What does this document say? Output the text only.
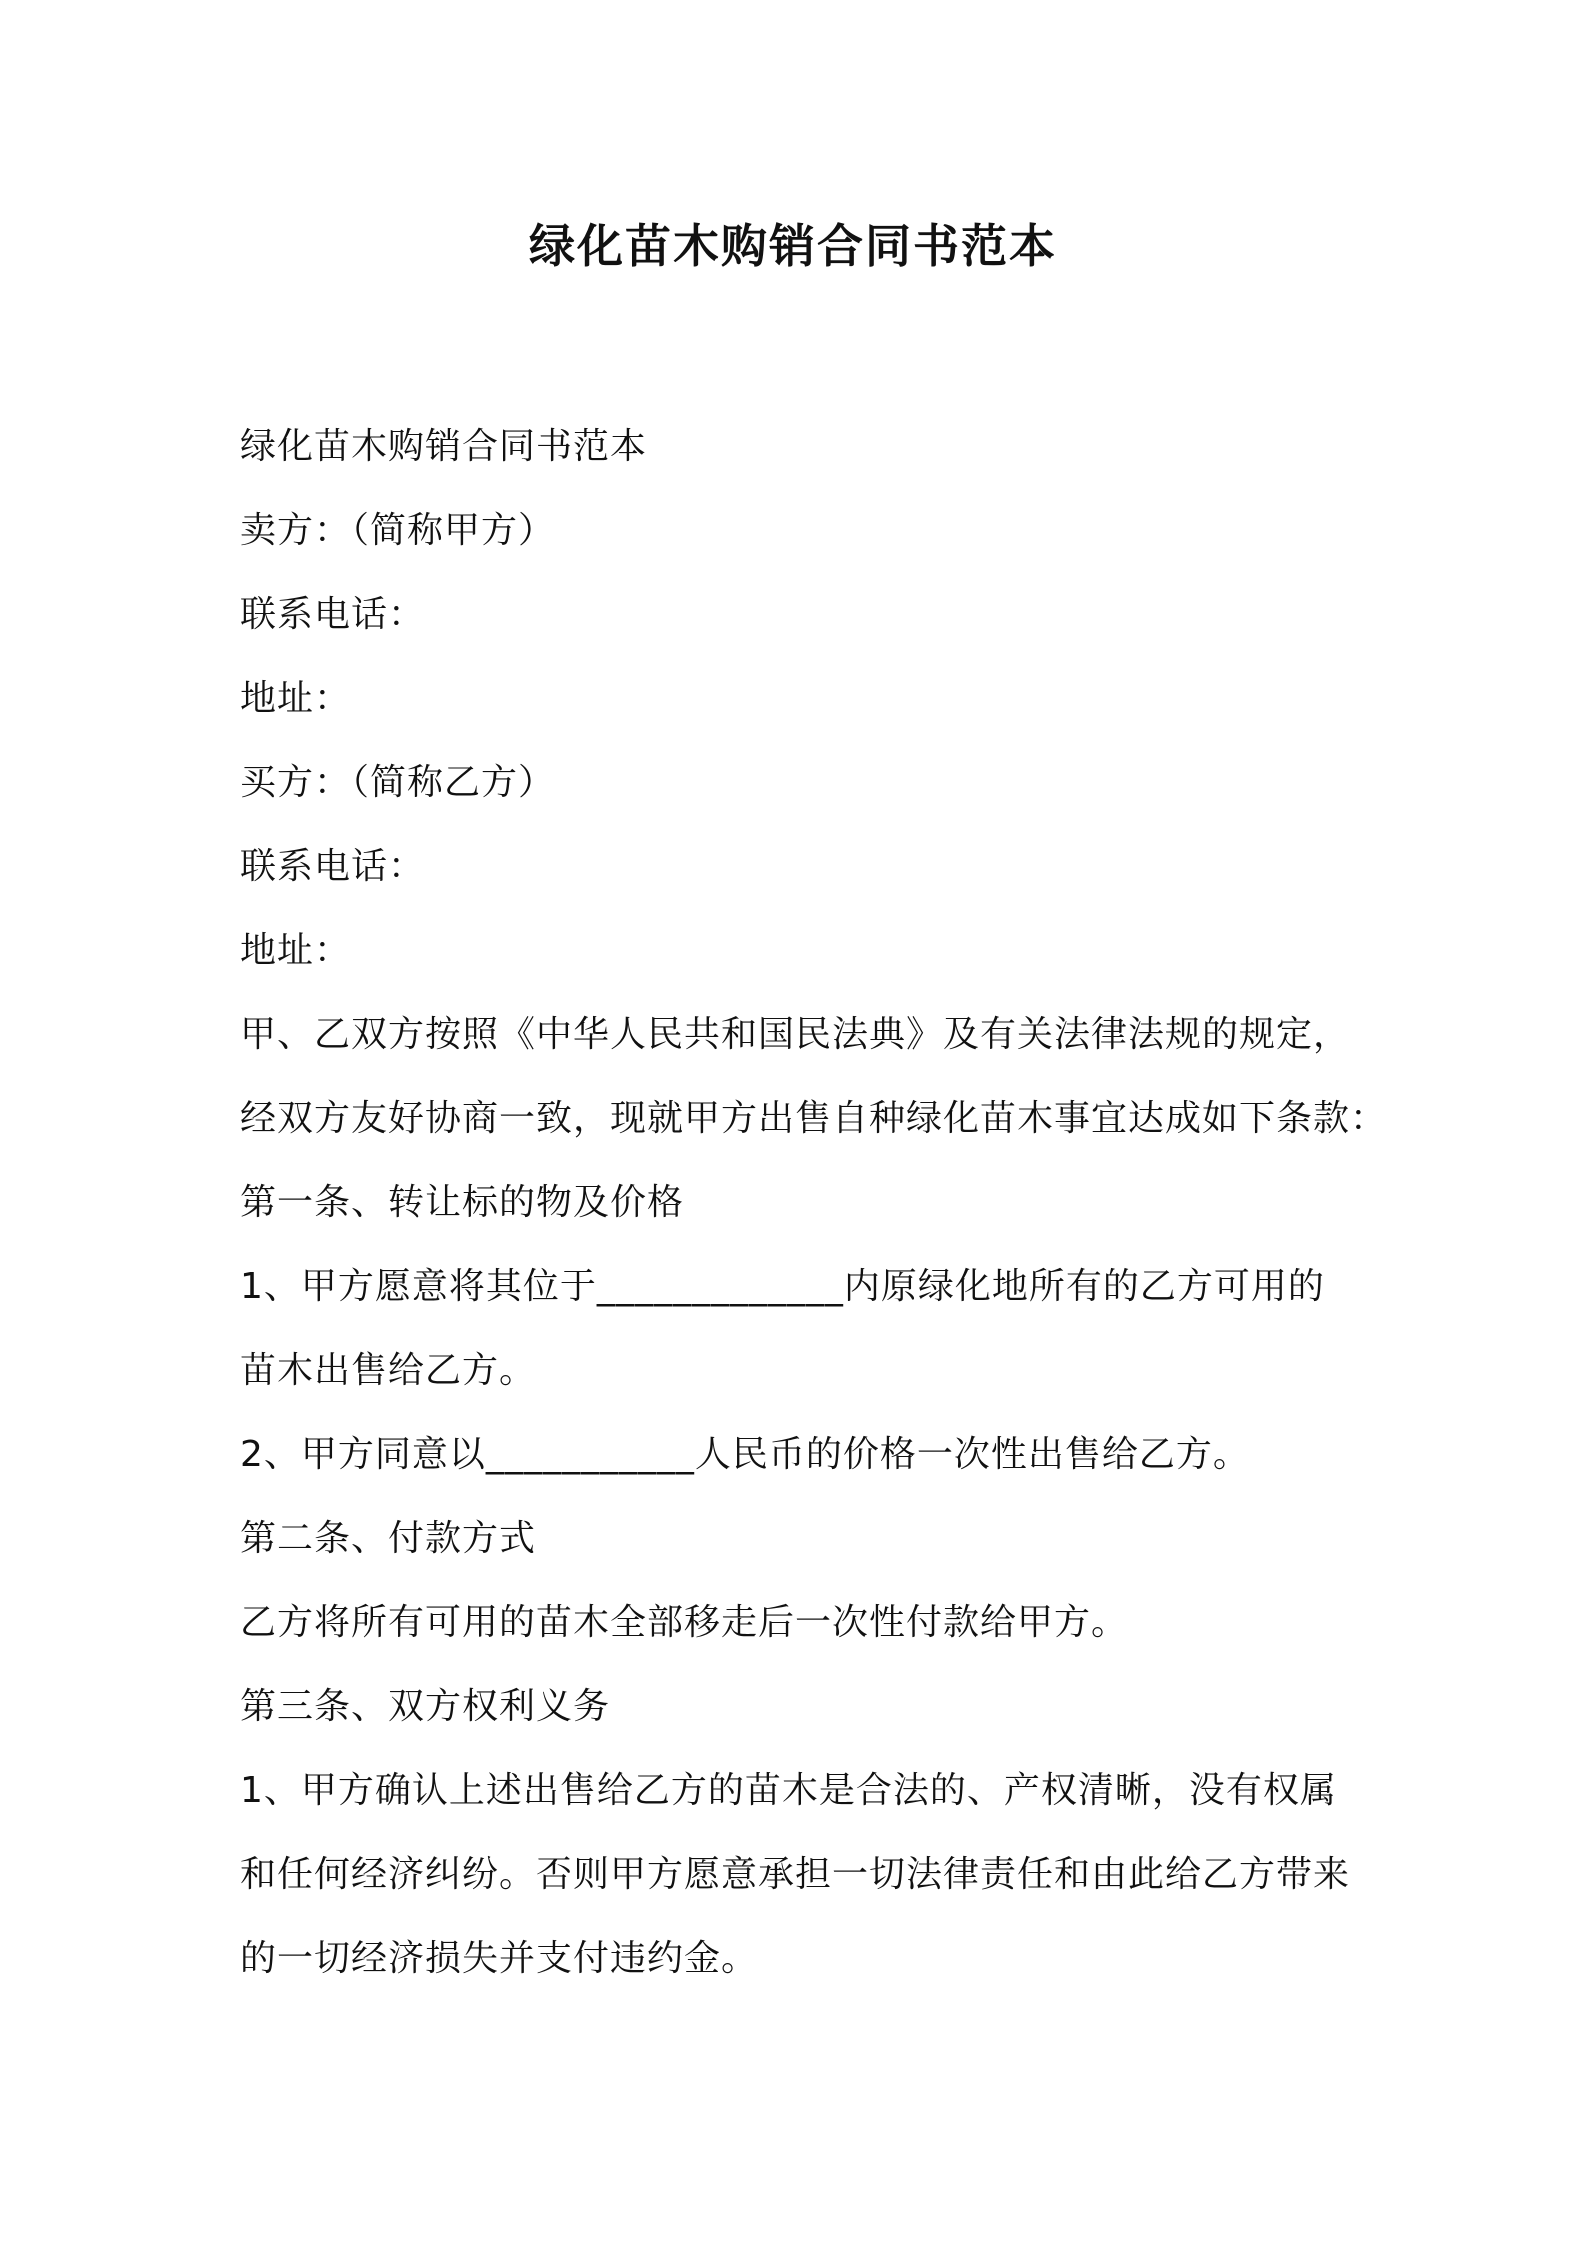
绿化苗木购销合同书范本

绿化苗木购销合同书范本

卖方：（简称甲方）

联系电话：

地址：

买方：（简称乙方）

联系电话：

地址：

甲、乙双方按照《中华人民共和国民法典》及有关法律法规的规定，

经双方友好协商一致，现就甲方出售自种绿化苗木事宜达成如下条款：

第一条、转让标的物及价格

1、甲方愿意将其位于_____________内原绿化地所有的乙方可用的

苗木出售给乙方。

2、甲方同意以___________人民币的价格一次性出售给乙方。

第二条、付款方式

乙方将所有可用的苗木全部移走后一次性付款给甲方。

第三条、双方权利义务

1、甲方确认上述出售给乙方的苗木是合法的、产权清晰，没有权属

和任何经济纠纷。否则甲方愿意承担一切法律责任和由此给乙方带来

的一切经济损失并支付违约金。
